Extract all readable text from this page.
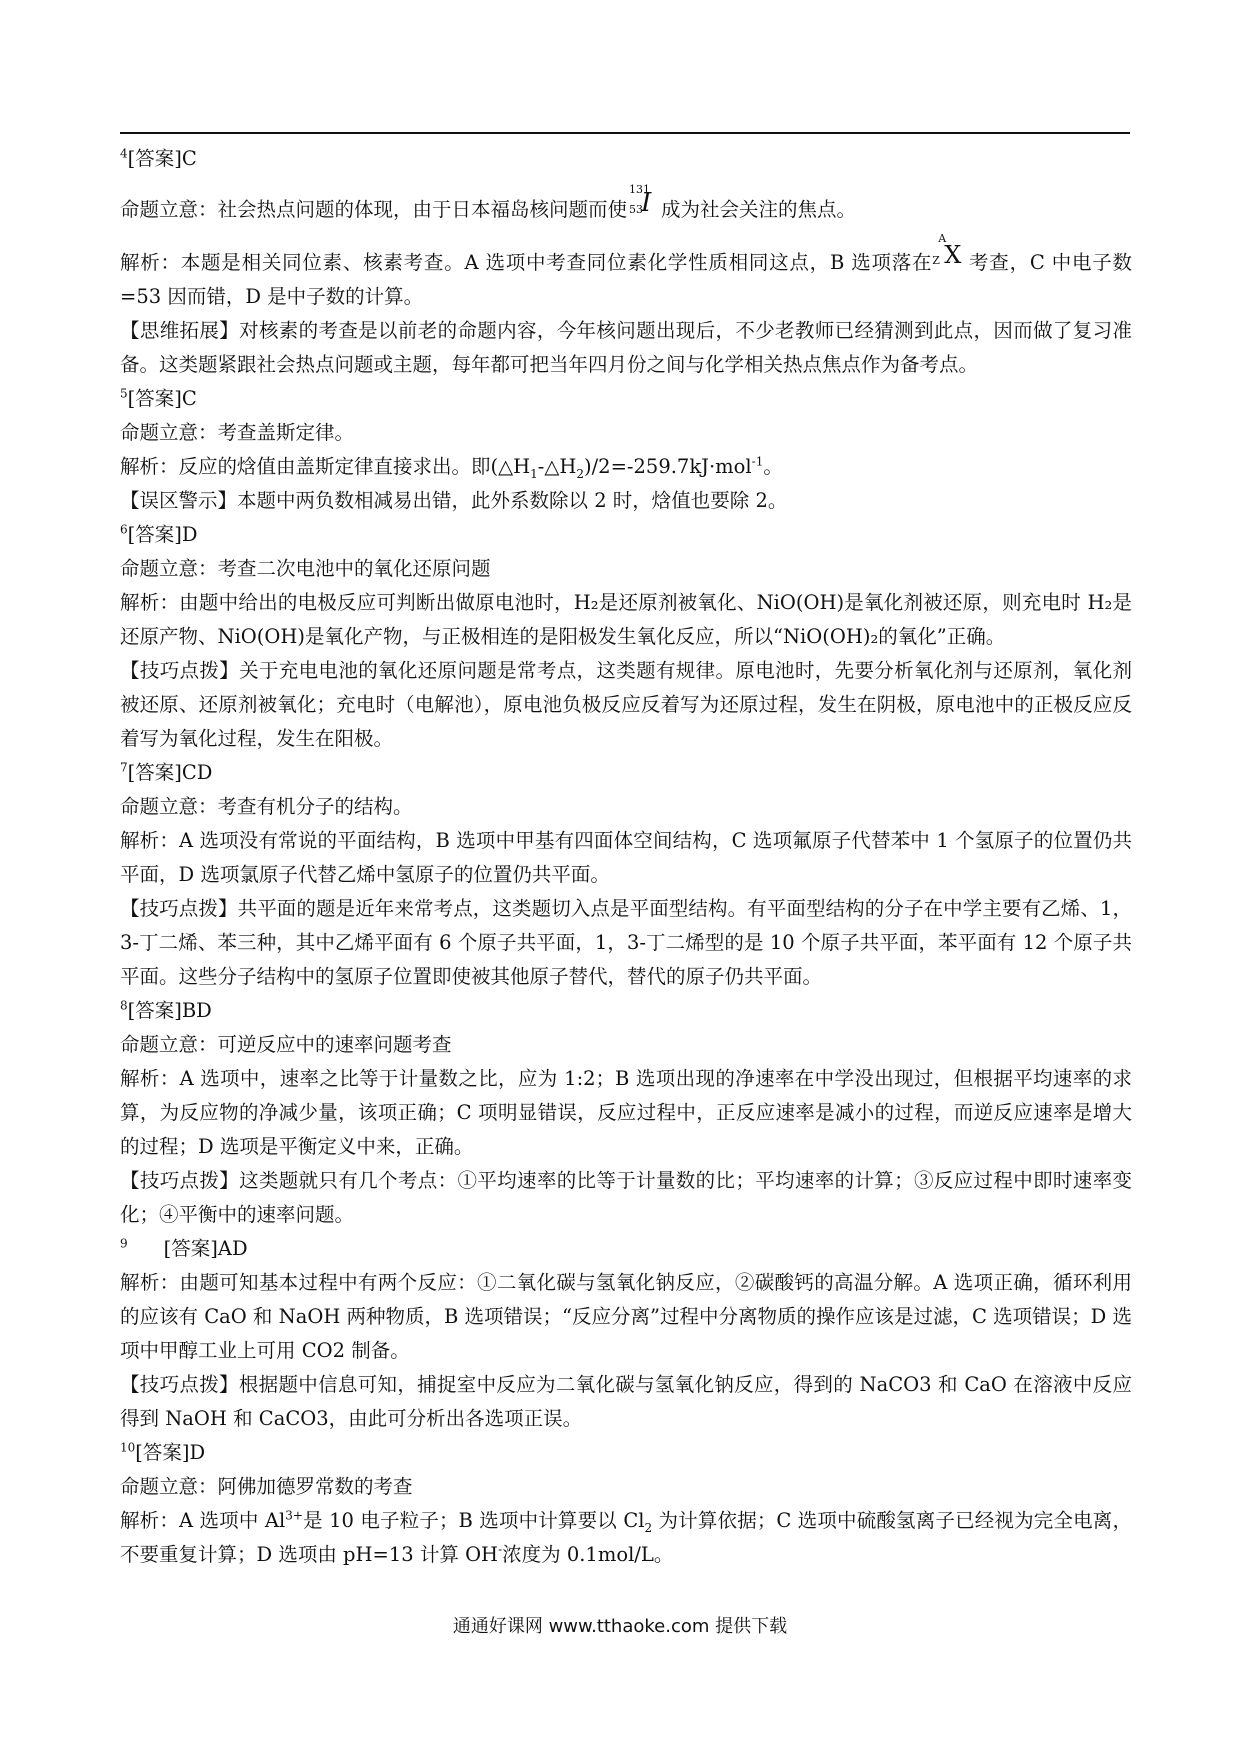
$^4$[答案]C
命题立意：社会热点问题的体现，由于日本福岛核问题而使
131
53
I 成为社会关注的焦点。
解析：本题是相关同位素、核素考查。A 选项中考查同位素化学性质相同这点，B 选项落在
A
Z X 考查，C 中电子数=53 因而错，D 是中子数的计算。
【思维拓展】对核素的考查是以前老的命题内容，今年核问题出现后，不少老教师已经猜测到此点，因而做了复习准备。这类题紧跟社会热点问题或主题，每年都可把当年四月份之间与化学相关热点焦点作为备考点。
$^5$[答案]C
命题立意：考查盖斯定律。
解析：反应的焓值由盖斯定律直接求出。即$(\triangle H_1-\triangle H_2)/2=-259.7kJ\cdot mol^{-1}$。
【误区警示】本题中两负数相减易出错，此外系数除以 2 时，焓值也要除 2。
$^6$[答案]D
命题立意：考查二次电池中的氧化还原问题
解析：由题中给出的电极反应可判断出做原电池时，H₂是还原剂被氧化、NiO(OH)是氧化剂被还原，则充电时 H₂是还原产物、NiO(OH)是氧化产物，与正极相连的是阳极发生氧化反应，所以“NiO(OH)₂的氧化”正确。
【技巧点拨】关于充电电池的氧化还原问题是常考点，这类题有规律。原电池时，先要分析氧化剂与还原剂，氧化剂被还原、还原剂被氧化；充电时（电解池），原电池负极反应反着写为还原过程，发生在阴极，原电池中的正极反应反着写为氧化过程，发生在阳极。
$^7$[答案]CD
命题立意：考查有机分子的结构。
解析：A 选项没有常说的平面结构，B 选项中甲基有四面体空间结构，C 选项氟原子代替苯中 1 个氢原子的位置仍共平面，D 选项氯原子代替乙烯中氢原子的位置仍共平面。
【技巧点拨】共平面的题是近年来常考点，这类题切入点是平面型结构。有平面型结构的分子在中学主要有乙烯、1，3-丁二烯、苯三种，其中乙烯平面有 6 个原子共平面，1，3-丁二烯型的是 10 个原子共平面，苯平面有 12 个原子共平面。这些分子结构中的氢原子位置即使被其他原子替代，替代的原子仍共平面。
$^8$[答案]BD
命题立意：可逆反应中的速率问题考查
解析：A 选项中，速率之比等于计量数之比，应为 1:2；B 选项出现的净速率在中学没出现过，但根据平均速率的求算，为反应物的净减少量，该项正确；C 项明显错误，反应过程中，正反应速率是减小的过程，而逆反应速率是增大的过程；D 选项是平衡定义中来，正确。
【技巧点拨】这类题就只有几个考点：①平均速率的比等于计量数的比；平均速率的计算；③反应过程中即时速率变化；④平衡中的速率问题。
$^9$ [答案]AD
解析：由题可知基本过程中有两个反应：①二氧化碳与氢氧化钠反应，②碳酸钙的高温分解。A 选项正确，循环利用的应该有 CaO 和 NaOH 两种物质，B 选项错误；“反应分离”过程中分离物质的操作应该是过滤，C 选项错误；D 选项中甲醇工业上可用 CO2 制备。
【技巧点拨】根据题中信息可知，捕捉室中反应为二氧化碳与氢氧化钠反应，得到的 NaCO3 和 CaO 在溶液中反应得到 NaOH 和 CaCO3，由此可分析出各选项正误。
$^{10}$[答案]D
命题立意：阿佛加德罗常数的考查
解析：A 选项中 $Al^{3+}$是 10 电子粒子；B 选项中计算要以 $Cl_2$ 为计算依据；C 选项中硫酸氢离子已经视为完全电离，不要重复计算；D 选项由 pH=13 计算 OH-浓度为 0.1mol/L。
通通好课网 www.tthaoke.com 提供下载
